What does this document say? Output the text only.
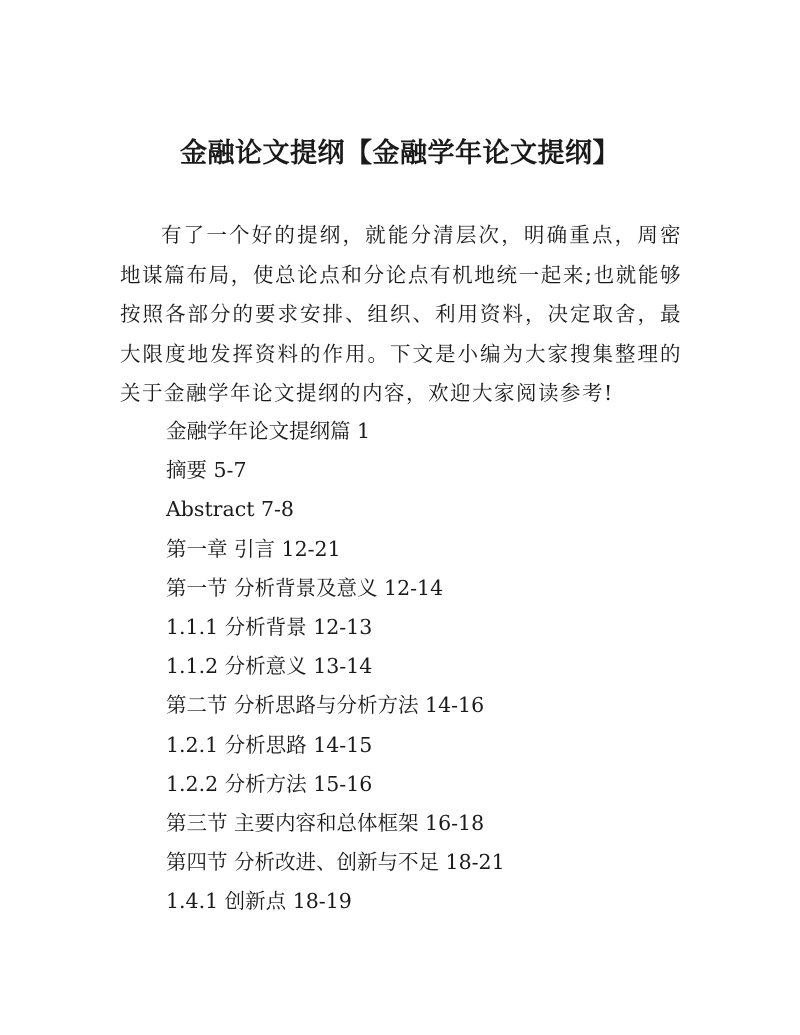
金融论文提纲【金融学年论文提纲】

有了一个好的提纲，就能分清层次，明确重点，周密地谋篇布局，使总论点和分论点有机地统一起来;也就能够按照各部分的要求安排、组织、利用资料，决定取舍，最大限度地发挥资料的作用。下文是小编为大家搜集整理的关于金融学年论文提纲的内容，欢迎大家阅读参考!

金融学年论文提纲篇 1
摘要 5-7
Abstract 7-8
第一章 引言 12-21
第一节 分析背景及意义 12-14
1.1.1 分析背景 12-13
1.1.2 分析意义 13-14
第二节 分析思路与分析方法 14-16
1.2.1 分析思路 14-15
1.2.2 分析方法 15-16
第三节 主要内容和总体框架 16-18
第四节 分析改进、创新与不足 18-21
1.4.1 创新点 18-19
